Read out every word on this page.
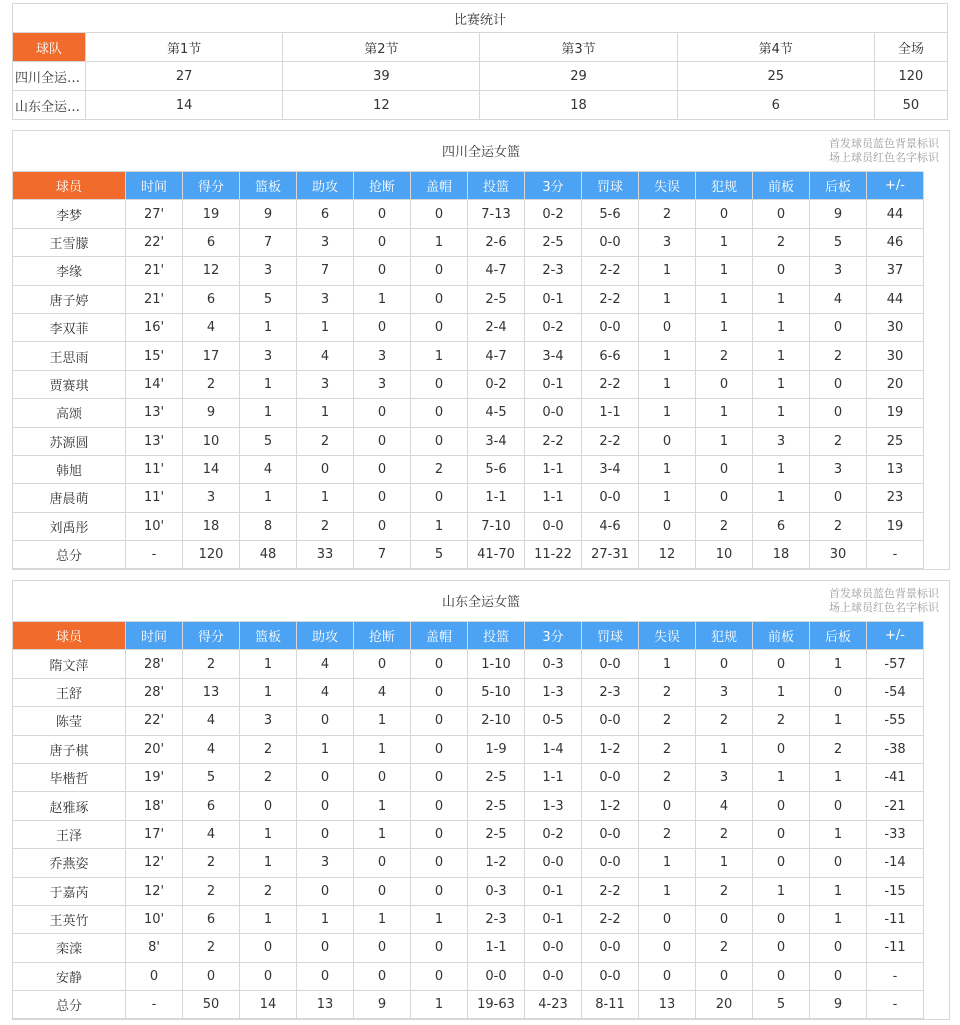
比赛统计					
球队	第1节	第2节	第3节	第4节	全场
四川全运…	27	39	29	25	120
山东全运…	14	12	18	6	50
四川全运女篮
首发球员蓝色背景标识
场上球员红色名字标识
球员	时间	得分	篮板	助攻	抢断	盖帽	投篮	3分	罚球	失误	犯规	前板	后板	+/-
李梦	27'	19	9	6	0	0	7-13	0-2	5-6	2	0	0	9	44
王雪朦	22'	6	7	3	0	1	2-6	2-5	0-0	3	1	2	5	46
李缘	21'	12	3	7	0	0	4-7	2-3	2-2	1	1	0	3	37
唐子婷	21'	6	5	3	1	0	2-5	0-1	2-2	1	1	1	4	44
李双菲	16'	4	1	1	0	0	2-4	0-2	0-0	0	1	1	0	30
王思雨	15'	17	3	4	3	1	4-7	3-4	6-6	1	2	1	2	30
贾赛琪	14'	2	1	3	3	0	0-2	0-1	2-2	1	0	1	0	20
高颂	13'	9	1	1	0	0	4-5	0-0	1-1	1	1	1	0	19
苏源圆	13'	10	5	2	0	0	3-4	2-2	2-2	0	1	3	2	25
韩旭	11'	14	4	0	0	2	5-6	1-1	3-4	1	0	1	3	13
唐晨萌	11'	3	1	1	0	0	1-1	1-1	0-0	1	0	1	0	23
刘禹彤	10'	18	8	2	0	1	7-10	0-0	4-6	0	2	6	2	19
总分	-	120	48	33	7	5	41-70	11-22	27-31	12	10	18	30	-
山东全运女篮
首发球员蓝色背景标识
场上球员红色名字标识
球员	时间	得分	篮板	助攻	抢断	盖帽	投篮	3分	罚球	失误	犯规	前板	后板	+/-
隋文萍	28'	2	1	4	0	0	1-10	0-3	0-0	1	0	0	1	-57
王舒	28'	13	1	4	4	0	5-10	1-3	2-3	2	3	1	0	-54
陈莹	22'	4	3	0	1	0	2-10	0-5	0-0	2	2	2	1	-55
唐子棋	20'	4	2	1	1	0	1-9	1-4	1-2	2	1	0	2	-38
毕楷哲	19'	5	2	0	0	0	2-5	1-1	0-0	2	3	1	1	-41
赵雅琢	18'	6	0	0	1	0	2-5	1-3	1-2	0	4	0	0	-21
王泽	17'	4	1	0	1	0	2-5	0-2	0-0	2	2	0	1	-33
乔燕姿	12'	2	1	3	0	0	1-2	0-0	0-0	1	1	0	0	-14
于嘉芮	12'	2	2	0	0	0	0-3	0-1	2-2	1	2	1	1	-15
王英竹	10'	6	1	1	1	1	2-3	0-1	2-2	0	0	0	1	-11
栾滦	8'	2	0	0	0	0	1-1	0-0	0-0	0	2	0	0	-11
安静	0	0	0	0	0	0	0-0	0-0	0-0	0	0	0	0	-
总分	-	50	14	13	9	1	19-63	4-23	8-11	13	20	5	9	-
